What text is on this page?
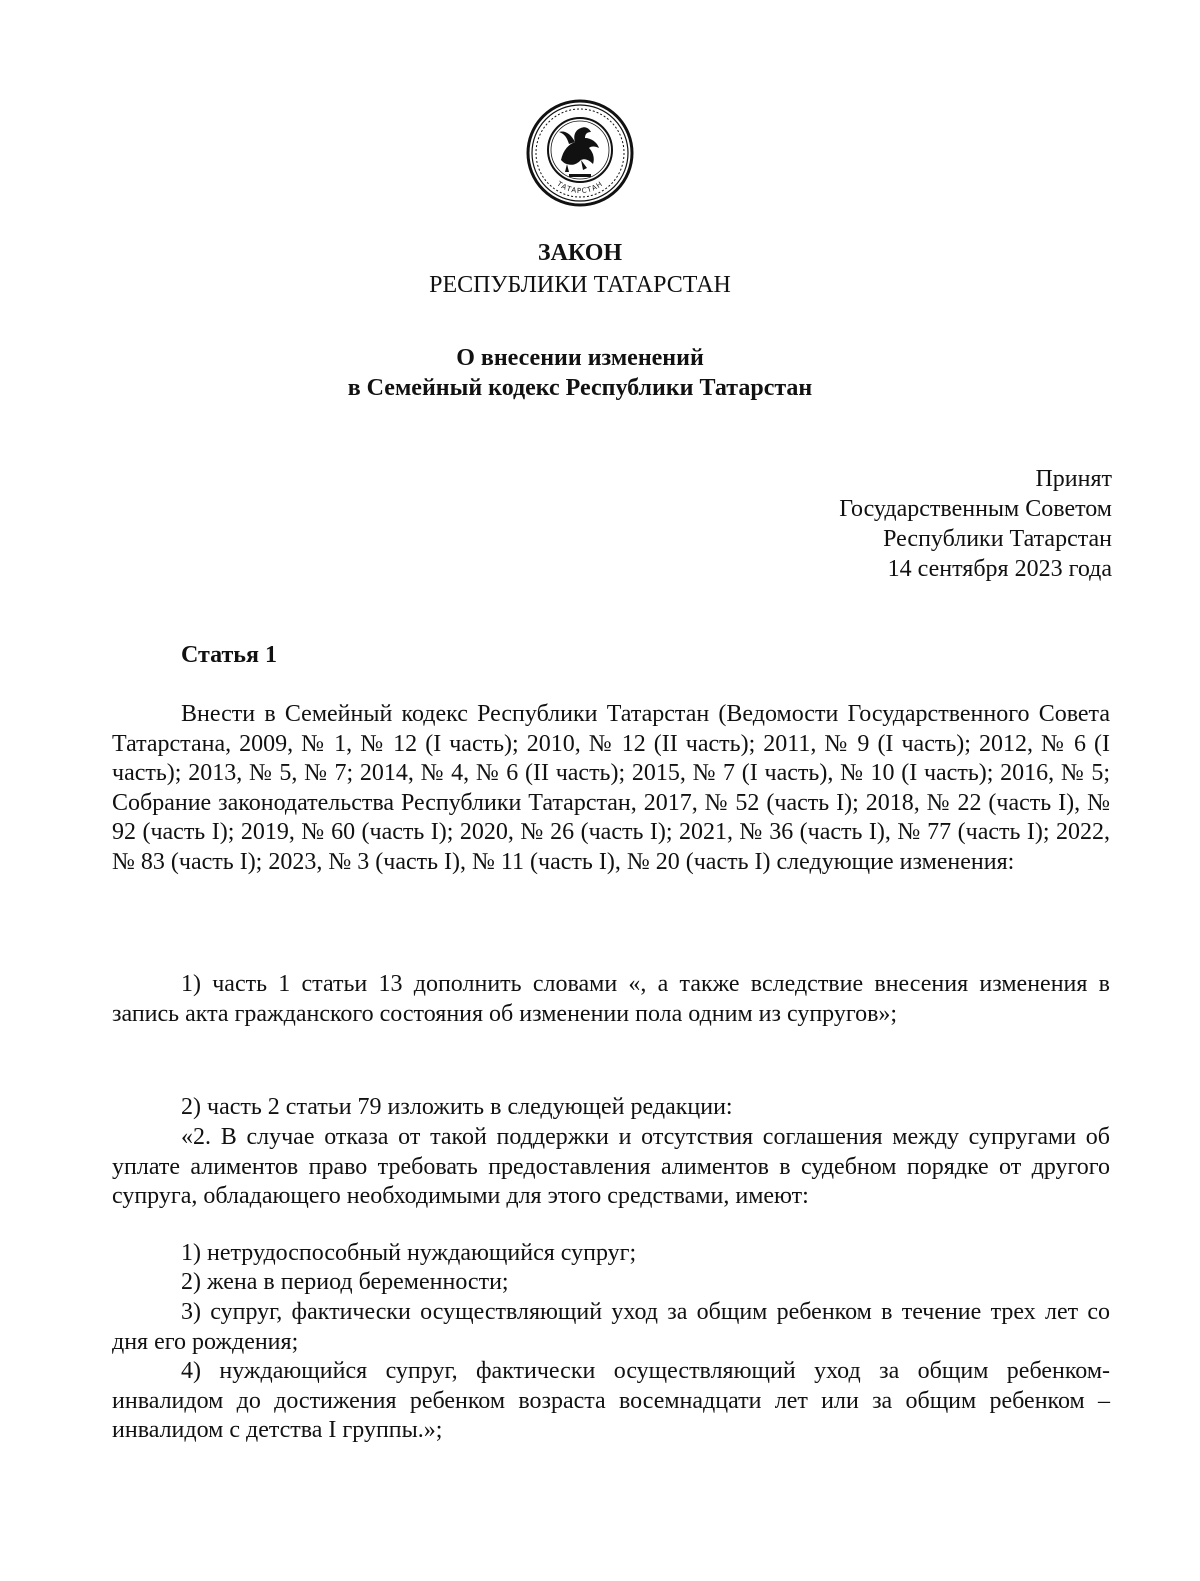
ТАТАРСТАН
ЗАКОН
РЕСПУБЛИКИ ТАТАРСТАН
О внесении изменений
в Семейный кодекс Республики Татарстан
Принят
Государственным Советом
Республики Татарстан
14 сентября 2023 года
Статья 1

Внести в Семейный кодекс Республики Татарстан (Ведомости Государственного Совета Татарстана, 2009, № 1, № 12 (I часть); 2010, № 12 (II часть); 2011, № 9 (I часть); 2012, № 6 (I часть); 2013, № 5, № 7; 2014, № 4, № 6 (II часть); 2015, № 7 (I часть), № 10 (I часть); 2016, № 5; Собрание законодательства Республики Татарстан, 2017, № 52 (часть I); 2018, № 22 (часть I), № 92 (часть I); 2019, № 60 (часть I); 2020, № 26 (часть I); 2021, № 36 (часть I), № 77 (часть I); 2022, № 83 (часть I); 2023, № 3 (часть I), № 11 (часть I), № 20 (часть I) следующие изменения:

1) часть 1 статьи 13 дополнить словами «, а также вследствие внесения изменения в запись акта гражданского состояния об изменении пола одним из супругов»;

2) часть 2 статьи 79 изложить в следующей редакции:

«2. В случае отказа от такой поддержки и отсутствия соглашения между супругами об уплате алиментов право требовать предоставления алиментов в судебном порядке от другого супруга, обладающего необходимыми для этого средствами, имеют:

1) нетрудоспособный нуждающийся супруг;

2) жена в период беременности;

3) супруг, фактически осуществляющий уход за общим ребенком в течение трех лет со дня его рождения;

4) нуждающийся супруг, фактически осуществляющий уход за общим ребенком-инвалидом до достижения ребенком возраста восемнадцати лет или за общим ребенком – инвалидом с детства I группы.»;
